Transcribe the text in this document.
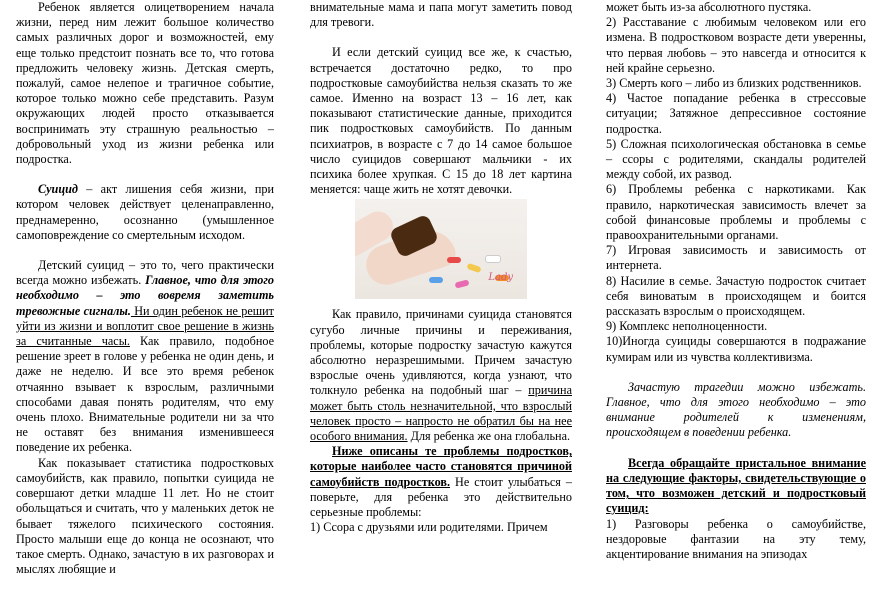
Ребенок является олицетворением начала жизни, перед ним лежит большое количество самых различных дорог и возможностей, ему еще только предстоит познать все то, что готова предложить человеку жизнь. Детская смерть, пожалуй, самое нелепое и трагичное событие, которое только можно себе представить. Разум окружающих людей просто отказывается воспринимать эту страшную реальностью – добровольный уход из жизни ребенка или подростка.

Суицид – акт лишения себя жизни, при котором человек действует целенаправленно, преднамеренно, осознанно (умышленное самоповреждение со смертельным исходом.

Детский суицид – это то, чего практически всегда можно избежать. Главное, что для этого необходимо – это вовремя заметить тревожные сигналы. Ни один ребенок не решит уйти из жизни и воплотит свое решение в жизнь за считанные часы. Как правило, подобное решение зреет в голове у ребенка не один день, и даже не неделю. И все это время ребенок отчаянно взывает к взрослым, различными способами давая понять родителям, что ему очень плохо. Внимательные родители ни за что не оставят без внимания изменившееся поведение их ребенка.

Как показывает статистика подростковых самоубийств, как правило, попытки суицида не совершают детки младше 11 лет. Но не стоит обольщаться и считать, что у маленьких деток не бывает тяжелого психического состояния. Просто малыши еще до конца не осознают, что такое смерть. Однако, зачастую в их разговорах и мыслях любящие и

внимательные мама и папа могут заметить повод для тревоги.

И если детский суицид все же, к счастью, встречается достаточно редко, то про подростковые самоубийства нельзя сказать то же самое. Именно на возраст 13 – 16 лет, как показывают статистические данные, приходится пик подростковых самоубийств. По данным психиатров, в возрасте с 7 до 14 самое большое число суицидов совершают мальчики - их психика более хрупкая. С 15 до 18 лет картина меняется: чаще жить не хотят девочки.

Lady

Как правило, причинами суицида становятся сугубо личные причины и переживания, проблемы, которые подростку зачастую кажутся абсолютно неразрешимыми. Причем зачастую взрослые очень удивляются, когда узнают, что толкнуло ребенка на подобный шаг – причина может быть столь незначительной, что взрослый человек просто – напросто не обратил бы на нее особого внимания. Для ребенка же она глобальна.

Ниже описаны те проблемы подростков, которые наиболее часто становятся причиной самоубийств подростков. Не стоит улыбаться – поверьте, для ребенка это действительно серьезные проблемы:

1) Ссора с друзьями или родителями. Причем

может быть из-за абсолютного пустяка.

2) Расставание с любимым человеком или его измена. В подростковом возрасте дети уверенны, что первая любовь – это навсегда и относится к ней крайне серьезно.

3) Смерть кого – либо из близких родственников.

4) Частое попадание ребенка в стрессовые ситуации; Затяжное депрессивное состояние подростка.

5) Сложная психологическая обстановка в семье – ссоры с родителями, скандалы родителей между собой, их развод.

6) Проблемы ребенка с наркотиками. Как правило, наркотическая зависимость влечет за собой финансовые проблемы и проблемы с правоохранительными органами.

7) Игровая зависимость и зависимость от интернета.

8) Насилие в семье. Зачастую подросток считает себя виноватым в происходящем и боится рассказать взрослым о происходящем.

9) Комплекс неполноценности.

10)Иногда суициды совершаются в подражание кумирам или из чувства коллективизма.

Зачастую трагедии можно избежать. Главное, что для этого необходимо – это внимание родителей к изменениям, происходящем в поведении ребенка.

Всегда обращайте пристальное внимание на следующие факторы, свидетельствующие о том, что возможен детский и подростковый суицид:

1) Разговоры ребенка о самоубийстве, нездоровые фантазии на эту тему, акцентирование внимания на эпизодах
